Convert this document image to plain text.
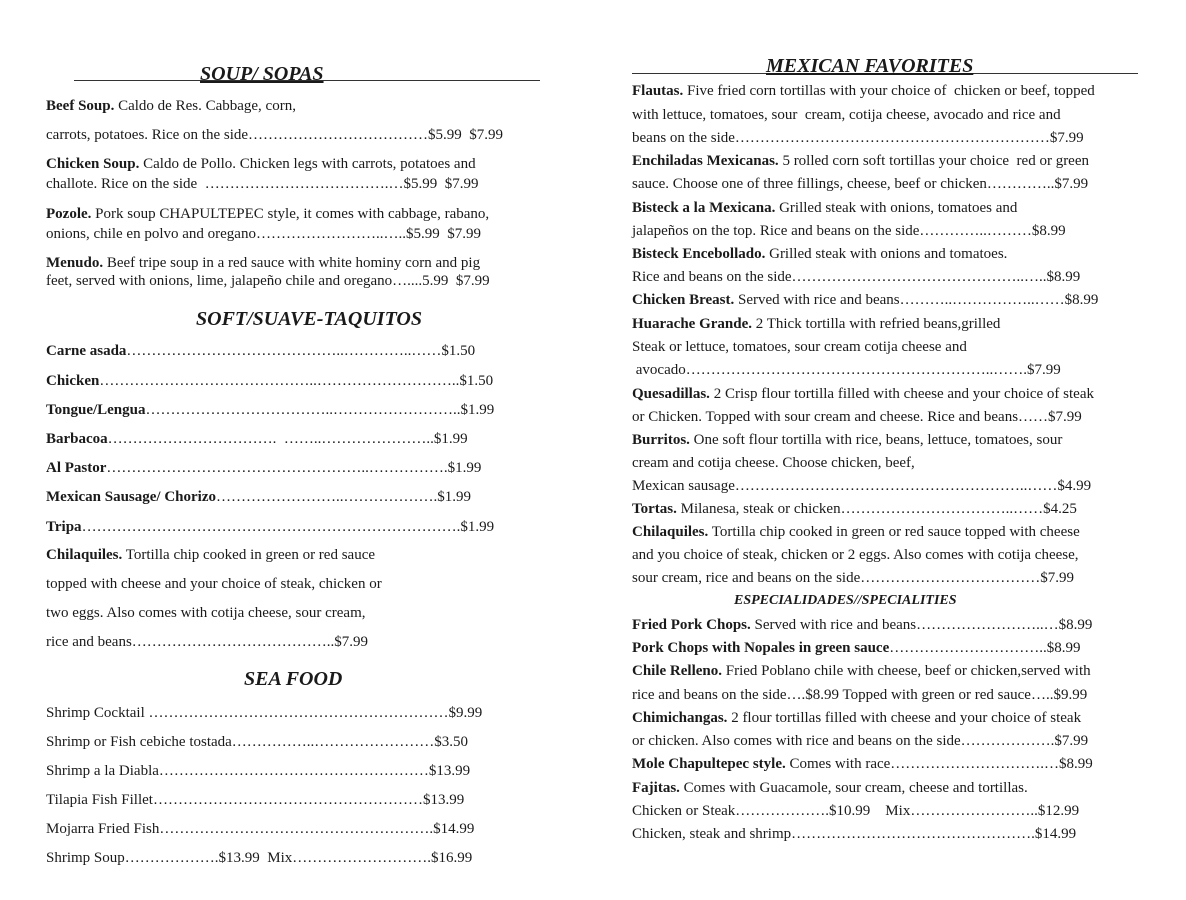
SOUP/ SOPAS
Beef Soup. Caldo de Res. Cabbage, corn,
carrots, potatoes. Rice on the side………………………………$5.99  $7.99
Chicken Soup. Caldo de Pollo. Chicken legs with carrots, potatoes and
challote. Rice on the side  ……………………………….…$5.99  $7.99
Pozole. Pork soup CHAPULTEPEC style, it comes with cabbage, rabano,
onions, chile en polvo and oregano……………………..…..$5.99  $7.99
Menudo. Beef tripe soup in a red sauce with white hominy corn and pig
feet, served with onions, lime, jalapeño chile and oregano…....5.99  $7.99
SOFT/SUAVE-TAQUITOS
Carne asada……………………………………..…………..……$1.50
Chicken……………………………………..………………………..$1.50
Tongue/Lengua………………………………..……………………..$1.99
Barbacoa…………………………….  ……..…………………..$1.99
Al Pastor……………………………………………..…………….$1.99
Mexican Sausage/ Chorizo……………………..……………….$1.99
Tripa………………………………………………………………….$1.99
Chilaquiles. Tortilla chip cooked in green or red sauce
topped with cheese and your choice of steak, chicken or
two eggs. Also comes with cotija cheese, sour cream,
rice and beans…………………………………..$7.99
SEA FOOD
Shrimp Cocktail ……………………………………………………$9.99
Shrimp or Fish cebiche tostada……………..……………………$3.50
Shrimp a la Diabla………………………………………………$13.99
Tilapia Fish Fillet………………………………………………$13.99
Mojarra Fried Fish……………………………………………….$14.99
Shrimp Soup……………….$13.99  Mix……………………….$16.99
MEXICAN FAVORITES
Flautas. Five fried corn tortillas with your choice of  chicken or beef, topped
with lettuce, tomatoes, sour  cream, cotija cheese, avocado and rice and
beans on the side………………………………………………………$7.99
Enchiladas Mexicanas. 5 rolled corn soft tortillas your choice  red or green
sauce. Choose one of three fillings, cheese, beef or chicken…………..$7.99
Bisteck a la Mexicana. Grilled steak with onions, tomatoes and
jalapeños on the top. Rice and beans on the side…………..………$8.99
Bisteck Encebollado. Grilled steak with onions and tomatoes.
Rice and beans on the side………………………………………..…..$8.99
Chicken Breast. Served with rice and beans………..……………..……$8.99
Huarache Grande. 2 Thick tortilla with refried beans,grilled
Steak or lettuce, tomatoes, sour cream cotija cheese and
avocado……………………………………………………..…….$7.99
Quesadillas. 2 Crisp flour tortilla filled with cheese and your choice of steak
or Chicken. Topped with sour cream and cheese. Rice and beans……$7.99
Burritos. One soft flour tortilla with rice, beans, lettuce, tomatoes, sour
cream and cotija cheese. Choose chicken, beef,
Mexican sausage…………………………………………………..……$4.99
Tortas. Milanesa, steak or chicken……………………………..……$4.25
Chilaquiles. Tortilla chip cooked in green or red sauce topped with cheese
and you choice of steak, chicken or 2 eggs. Also comes with cotija cheese,
sour cream, rice and beans on the side………………………………$7.99
ESPECIALIDADES//SPECIALITIES
Fried Pork Chops. Served with rice and beans……………………..…$8.99
Pork Chops with Nopales in green sauce…………………………..$8.99
Chile Relleno. Fried Poblano chile with cheese, beef or chicken,served with
rice and beans on the side….$8.99 Topped with green or red sauce…..$9.99
Chimichangas. 2 flour tortillas filled with cheese and your choice of steak
or chicken. Also comes with rice and beans on the side……………….$7.99
Mole Chapultepec style. Comes with race………………………….…$8.99
Fajitas. Comes with Guacamole, sour cream, cheese and tortillas.
Chicken or Steak……………….$10.99    Mix……………………..$12.99
Chicken, steak and shrimp………………………………………….$14.99
